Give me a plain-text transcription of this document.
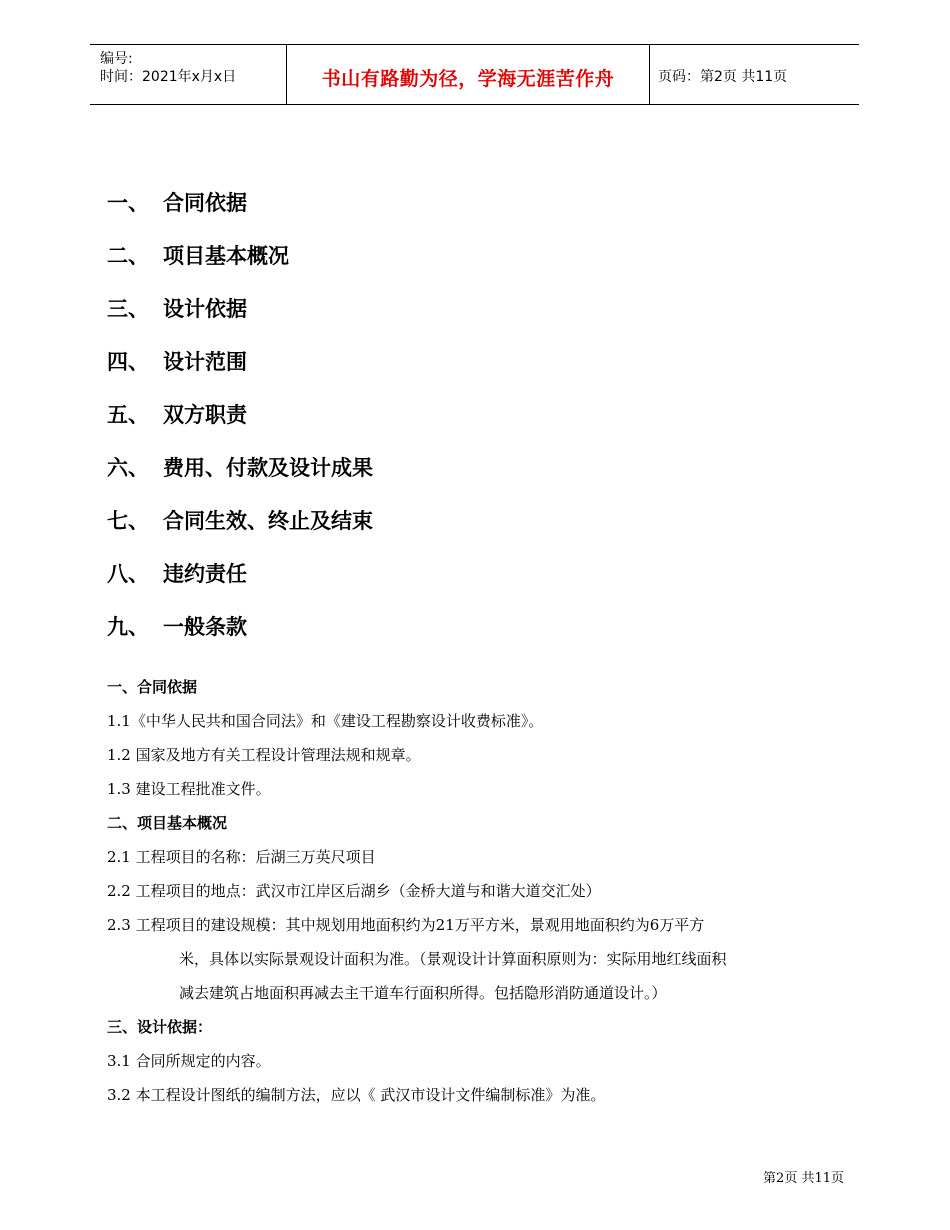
编号:
时间：2021年x月x日	书山有路勤为径，学海无涯苦作舟	页码：第2页 共11页
一、 合同依据
二、 项目基本概况
三、 设计依据
四、 设计范围
五、 双方职责
六、 费用、付款及设计成果
七、 合同生效、终止及结束
八、 违约责任
九、 一般条款
一、合同依据
1.1《中华人民共和国合同法》和《建设工程勘察设计收费标准》。
1.2 国家及地方有关工程设计管理法规和规章。
1.3 建设工程批准文件。
二、项目基本概况
2.1 工程项目的名称：后湖三万英尺项目
2.2 工程项目的地点：武汉市江岸区后湖乡（金桥大道与和谐大道交汇处）
2.3 工程项目的建设规模：其中规划用地面积约为21万平方米，景观用地面积约为6万平方
米，具体以实际景观设计面积为准。（景观设计计算面积原则为：实际用地红线面积
减去建筑占地面积再减去主干道车行面积所得。包括隐形消防通道设计。）
三、设计依据：
3.1 合同所规定的内容。
3.2 本工程设计图纸的编制方法，应以《 武汉市设计文件编制标准》为准。
第2页 共11页
